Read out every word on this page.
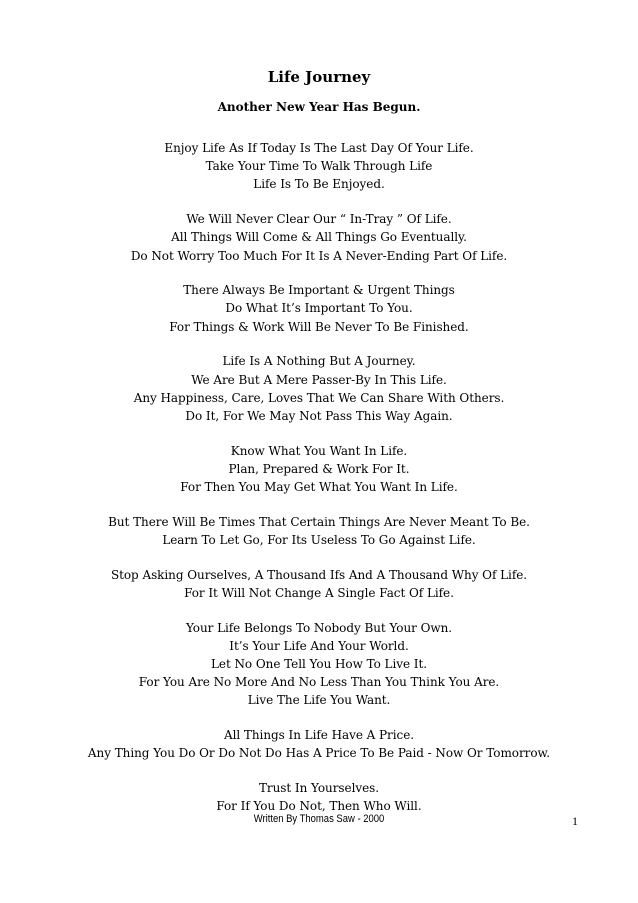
Life Journey
Another New Year Has Begun.
Enjoy Life As If Today Is The Last Day Of Your Life.
Take Your Time To Walk Through Life
Life Is To Be Enjoyed.
We Will Never Clear Our “ In-Tray ” Of Life.
All Things Will Come & All Things Go Eventually.
Do Not Worry Too Much For It Is A Never-Ending Part Of Life.
There Always Be Important & Urgent Things
Do What It’s Important To You.
For Things & Work Will Be Never To Be Finished.
Life Is A Nothing But A Journey.
We Are But A Mere Passer-By In This Life.
Any Happiness, Care, Loves That We Can Share With Others.
Do It, For We May Not Pass This Way Again.
Know What You Want In Life.
Plan, Prepared & Work For It.
For Then You May Get What You Want In Life.
But There Will Be Times That Certain Things Are Never Meant To Be.
Learn To Let Go, For Its Useless To Go Against Life.
Stop Asking Ourselves, A Thousand Ifs And A Thousand Why Of Life.
For It Will Not Change A Single Fact Of Life.
Your Life Belongs To Nobody But Your Own.
It’s Your Life And Your World.
Let No One Tell You How To Live It.
For You Are No More And No Less Than You Think You Are.
Live The Life You Want.
All Things In Life Have A Price.
Any Thing You Do Or Do Not Do Has A Price To Be Paid - Now Or Tomorrow.
Trust In Yourselves.
For If You Do Not, Then Who Will.
Written By Thomas Saw - 2000	1
